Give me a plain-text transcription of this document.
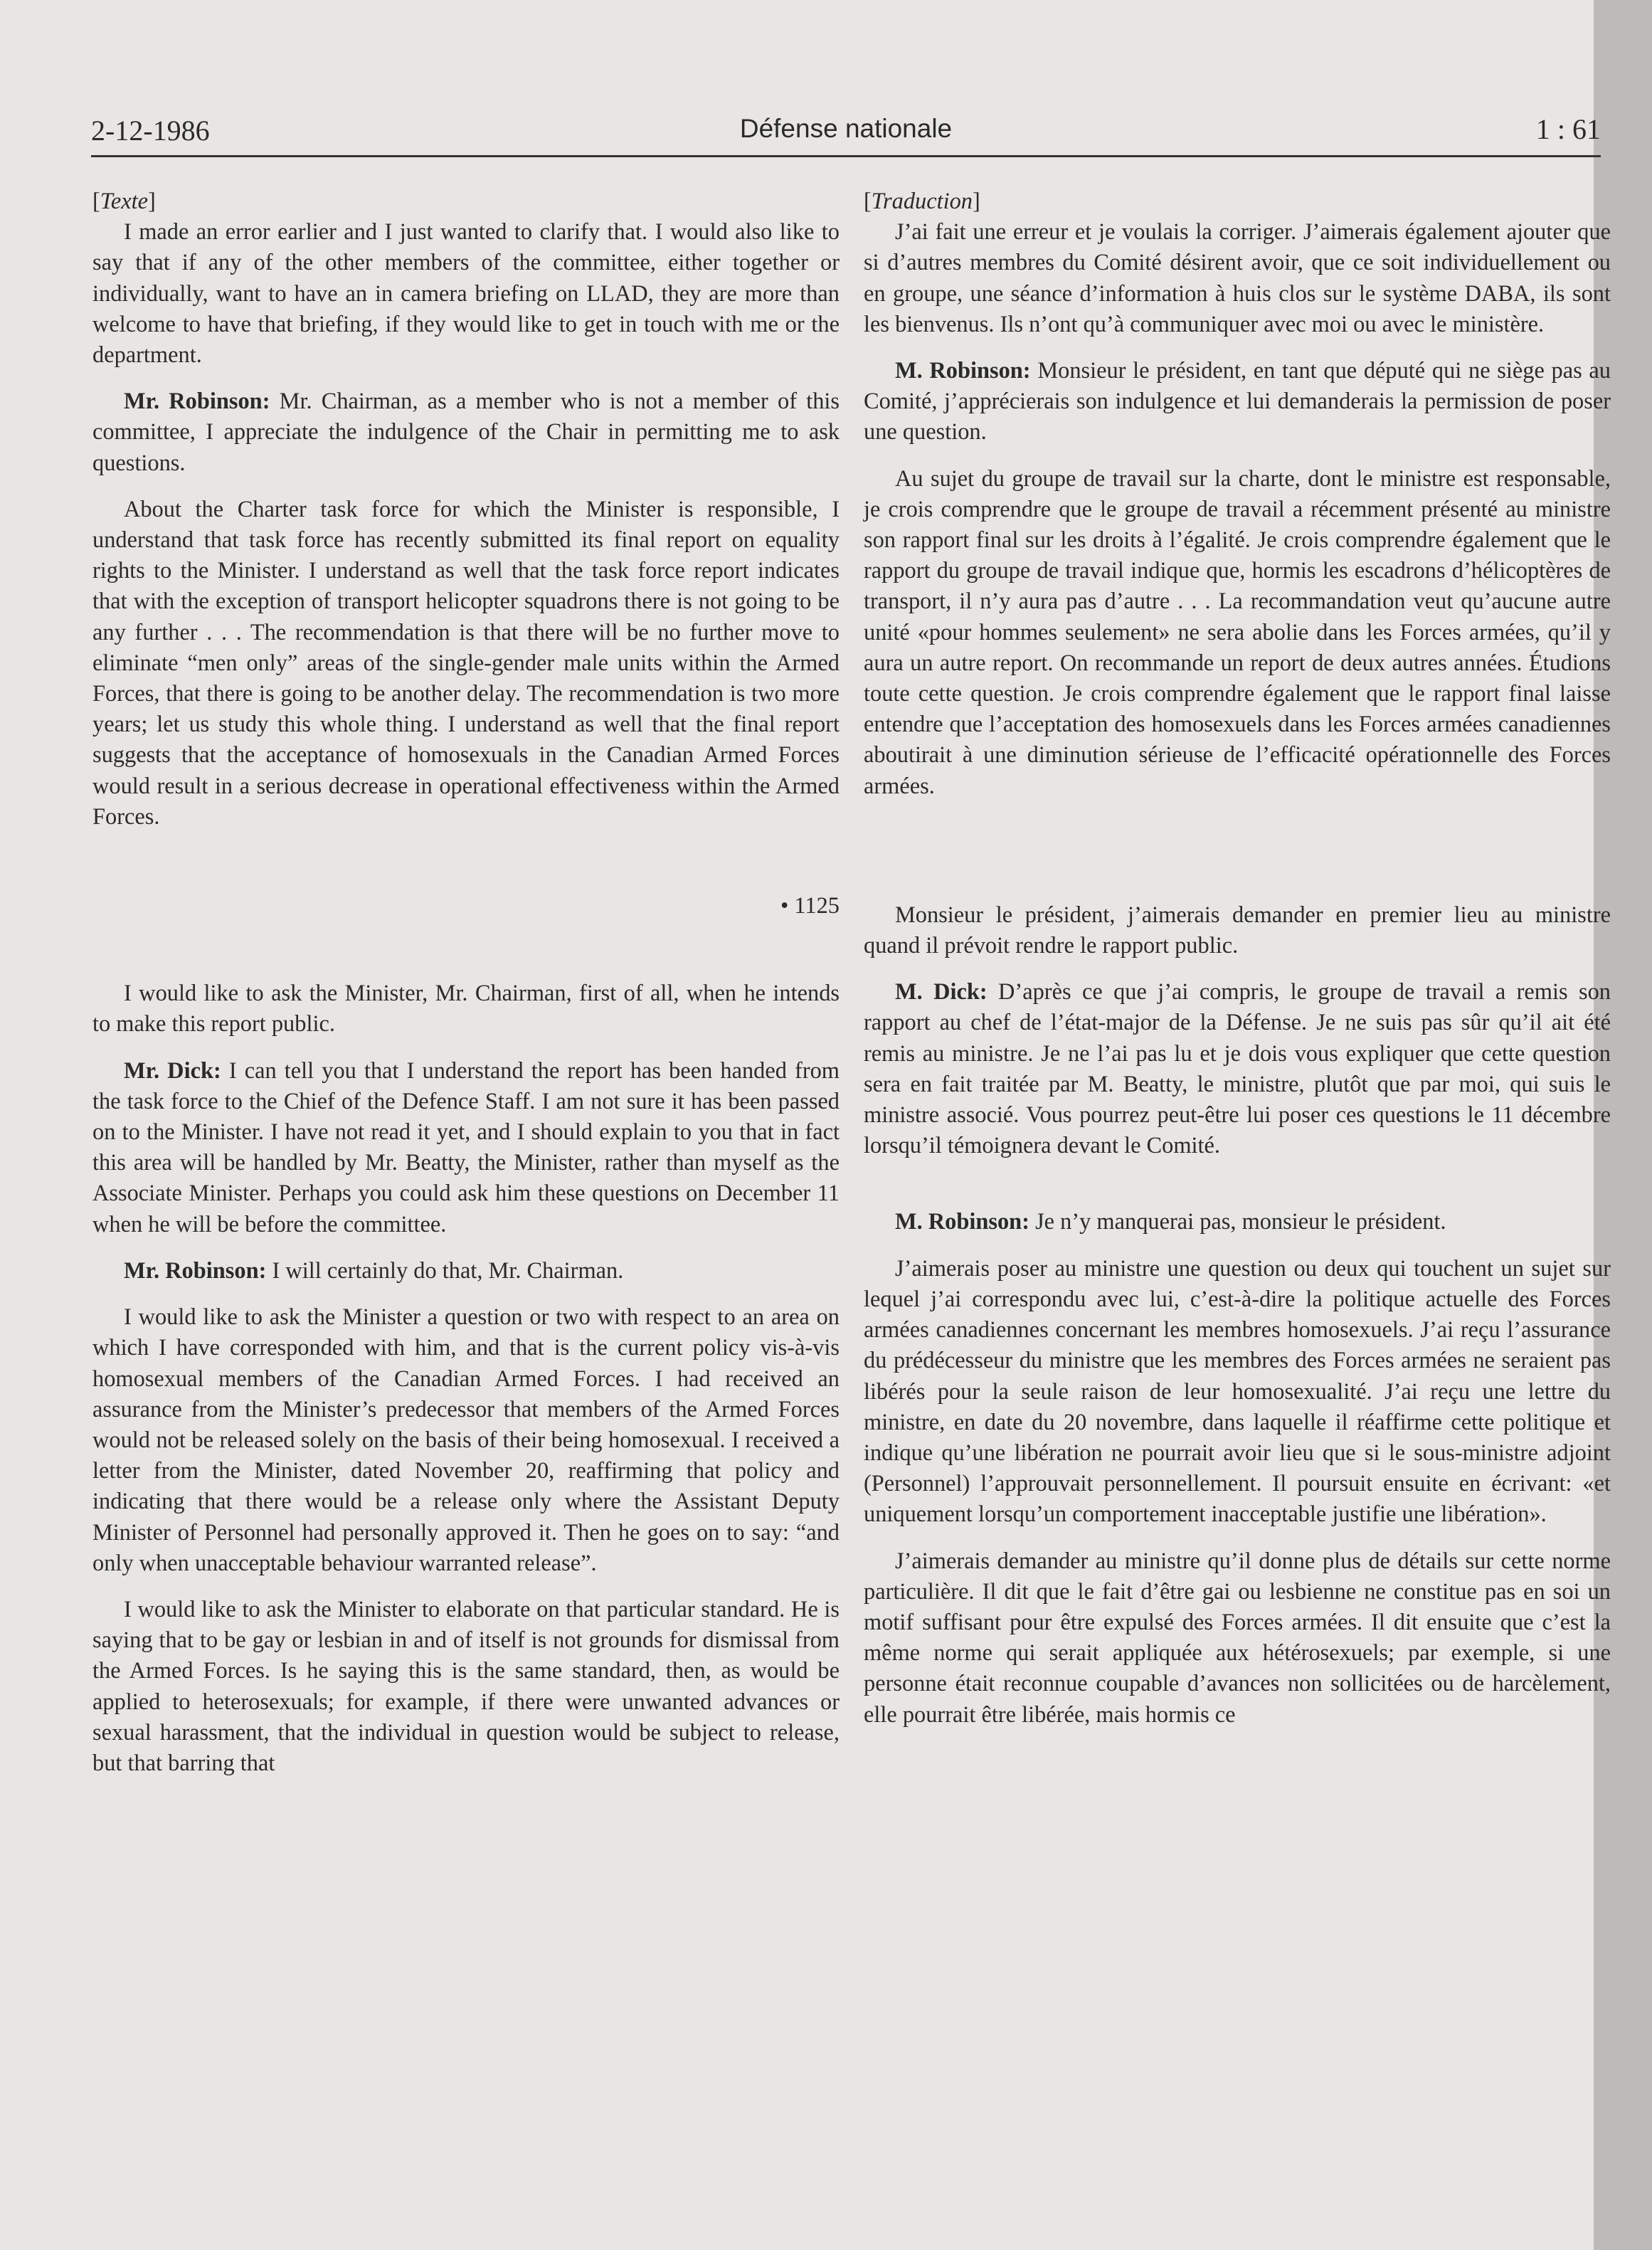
2-12-1986	Défense nationale	1 : 61

[Texte]

I made an error earlier and I just wanted to clarify that. I would also like to say that if any of the other members of the committee, either together or individually, want to have an in camera briefing on LLAD, they are more than welcome to have that briefing, if they would like to get in touch with me or the department.

Mr. Robinson: Mr. Chairman, as a member who is not a member of this committee, I appreciate the indulgence of the Chair in permitting me to ask questions.

About the Charter task force for which the Minister is responsible, I understand that task force has recently submitted its final report on equality rights to the Minister. I understand as well that the task force report indicates that with the exception of transport helicopter squadrons there is not going to be any further . . . The recommendation is that there will be no further move to eliminate “men only” areas of the single-gender male units within the Armed Forces, that there is going to be another delay. The recommendation is two more years; let us study this whole thing. I understand as well that the final report suggests that the acceptance of homosexuals in the Canadian Armed Forces would result in a serious decrease in operational effectiveness within the Armed Forces.

• 1125

I would like to ask the Minister, Mr. Chairman, first of all, when he intends to make this report public.

Mr. Dick: I can tell you that I understand the report has been handed from the task force to the Chief of the Defence Staff. I am not sure it has been passed on to the Minister. I have not read it yet, and I should explain to you that in fact this area will be handled by Mr. Beatty, the Minister, rather than myself as the Associate Minister. Perhaps you could ask him these questions on December 11 when he will be before the committee.

Mr. Robinson: I will certainly do that, Mr. Chairman.

I would like to ask the Minister a question or two with respect to an area on which I have corresponded with him, and that is the current policy vis-à-vis homosexual members of the Canadian Armed Forces. I had received an assurance from the Minister’s predecessor that members of the Armed Forces would not be released solely on the basis of their being homosexual. I received a letter from the Minister, dated November 20, reaffirming that policy and indicating that there would be a release only where the Assistant Deputy Minister of Personnel had personally approved it. Then he goes on to say: “and only when unacceptable behaviour warranted release”.

I would like to ask the Minister to elaborate on that particular standard. He is saying that to be gay or lesbian in and of itself is not grounds for dismissal from the Armed Forces. Is he saying this is the same standard, then, as would be applied to heterosexuals; for example, if there were unwanted advances or sexual harassment, that the individual in question would be subject to release, but that barring that

[Traduction]

J’ai fait une erreur et je voulais la corriger. J’aimerais également ajouter que si d’autres membres du Comité désirent avoir, que ce soit individuellement ou en groupe, une séance d’information à huis clos sur le système DABA, ils sont les bienvenus. Ils n’ont qu’à communiquer avec moi ou avec le ministère.

M. Robinson: Monsieur le président, en tant que député qui ne siège pas au Comité, j’apprécierais son indulgence et lui demanderais la permission de poser une question.

Au sujet du groupe de travail sur la charte, dont le ministre est responsable, je crois comprendre que le groupe de travail a récemment présenté au ministre son rapport final sur les droits à l’égalité. Je crois comprendre également que le rapport du groupe de travail indique que, hormis les escadrons d’hélicoptères de transport, il n’y aura pas d’autre . . . La recommandation veut qu’aucune autre unité «pour hommes seulement» ne sera abolie dans les Forces armées, qu’il y aura un autre report. On recommande un report de deux autres années. Étudions toute cette question. Je crois comprendre également que le rapport final laisse entendre que l’acceptation des homosexuels dans les Forces armées canadiennes aboutirait à une diminution sérieuse de l’efficacité opérationnelle des Forces armées.

Monsieur le président, j’aimerais demander en premier lieu au ministre quand il prévoit rendre le rapport public.

M. Dick: D’après ce que j’ai compris, le groupe de travail a remis son rapport au chef de l’état-major de la Défense. Je ne suis pas sûr qu’il ait été remis au ministre. Je ne l’ai pas lu et je dois vous expliquer que cette question sera en fait traitée par M. Beatty, le ministre, plutôt que par moi, qui suis le ministre associé. Vous pourrez peut-être lui poser ces questions le 11 décembre lorsqu’il témoignera devant le Comité.

M. Robinson: Je n’y manquerai pas, monsieur le président.

J’aimerais poser au ministre une question ou deux qui touchent un sujet sur lequel j’ai correspondu avec lui, c’est-à-dire la politique actuelle des Forces armées canadiennes concernant les membres homosexuels. J’ai reçu l’assurance du prédécesseur du ministre que les membres des Forces armées ne seraient pas libérés pour la seule raison de leur homosexualité. J’ai reçu une lettre du ministre, en date du 20 novembre, dans laquelle il réaffirme cette politique et indique qu’une libération ne pourrait avoir lieu que si le sous-ministre adjoint (Personnel) l’approuvait personnellement. Il poursuit ensuite en écrivant: «et uniquement lorsqu’un comportement inacceptable justifie une libération».

J’aimerais demander au ministre qu’il donne plus de détails sur cette norme particulière. Il dit que le fait d’être gai ou lesbienne ne constitue pas en soi un motif suffisant pour être expulsé des Forces armées. Il dit ensuite que c’est la même norme qui serait appliquée aux hétérosexuels; par exemple, si une personne était reconnue coupable d’avances non sollicitées ou de harcèlement, elle pourrait être libérée, mais hormis ce
